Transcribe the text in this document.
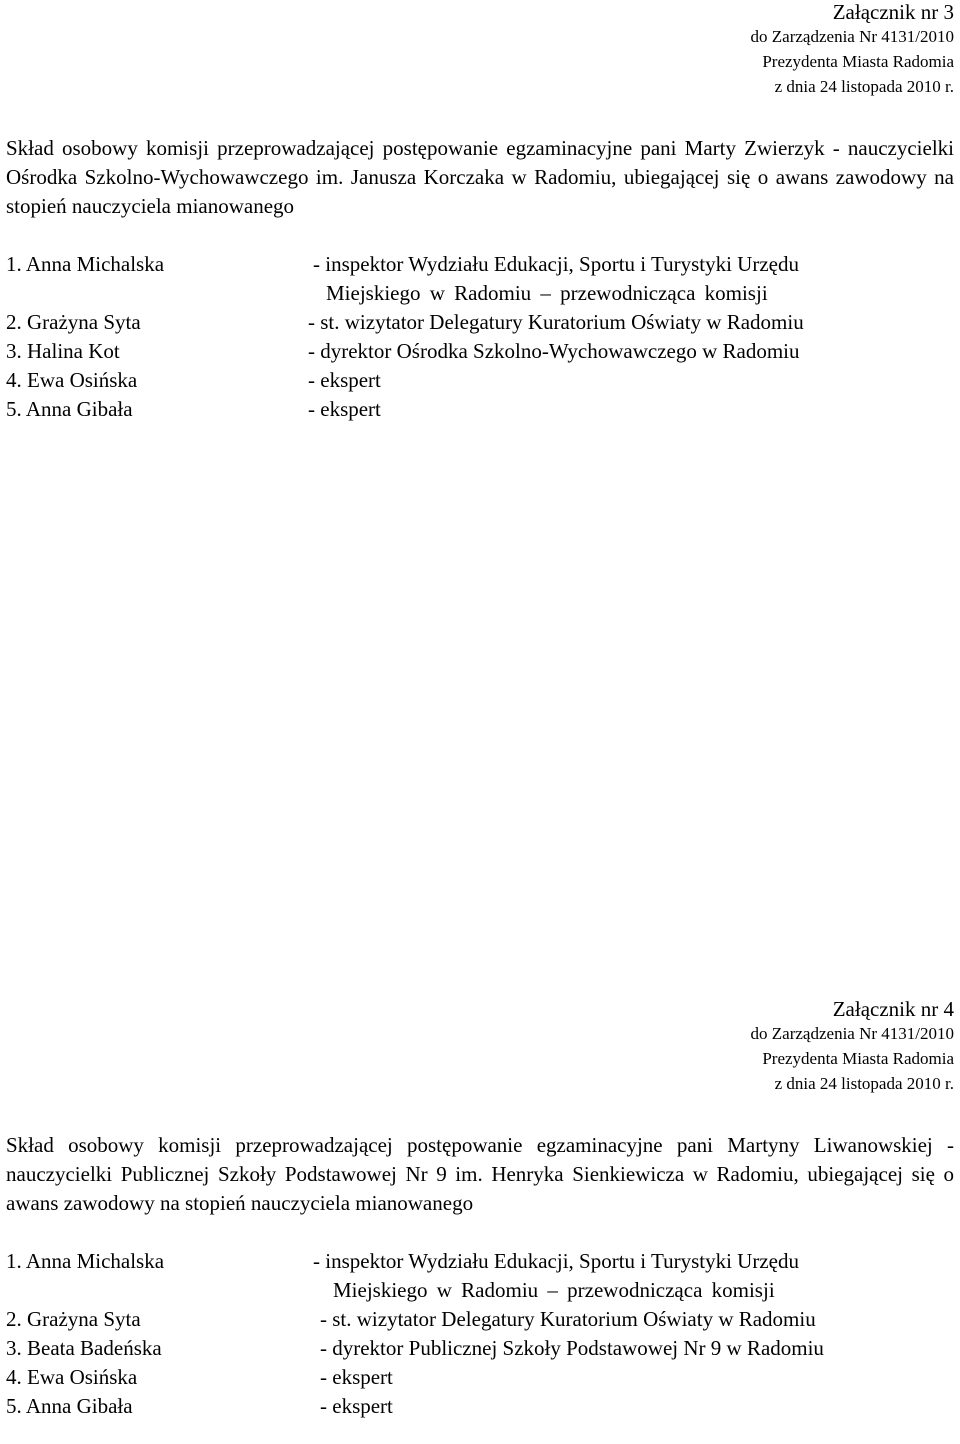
Załącznik nr 3
do Zarządzenia Nr 4131/2010
Prezydenta Miasta Radomia
z dnia 24 listopada 2010 r.

Skład osobowy komisji przeprowadzającej postępowanie egzaminacyjne pani Marty Zwierzyk - nauczycielki Ośrodka Szkolno-Wychowawczego im. Janusza Korczaka w Radomiu, ubiegającej się o awans zawodowy na stopień nauczyciela mianowanego

1. Anna Michalska	- inspektor Wydziału Edukacji, Sportu i Turystyki Urzędu
Miejskiego w Radomiu – przewodnicząca komisji
2. Grażyna Syta	- st. wizytator Delegatury Kuratorium Oświaty w Radomiu
3. Halina Kot	- dyrektor Ośrodka Szkolno-Wychowawczego w Radomiu
4. Ewa Osińska	- ekspert
5. Anna Gibała	- ekspert
Załącznik nr 4
do Zarządzenia Nr 4131/2010
Prezydenta Miasta Radomia
z dnia 24 listopada 2010 r.

Skład osobowy komisji przeprowadzającej postępowanie egzaminacyjne pani Martyny Liwanowskiej - nauczycielki Publicznej Szkoły Podstawowej Nr 9 im. Henryka Sienkiewicza w Radomiu, ubiegającej się o awans zawodowy na stopień nauczyciela mianowanego

1. Anna Michalska	- inspektor Wydziału Edukacji, Sportu i Turystyki Urzędu
Miejskiego w Radomiu – przewodnicząca komisji
2. Grażyna Syta	- st. wizytator Delegatury Kuratorium Oświaty w Radomiu
3. Beata Badeńska	- dyrektor Publicznej Szkoły Podstawowej Nr 9 w Radomiu
4. Ewa Osińska	- ekspert
5. Anna Gibała	- ekspert
